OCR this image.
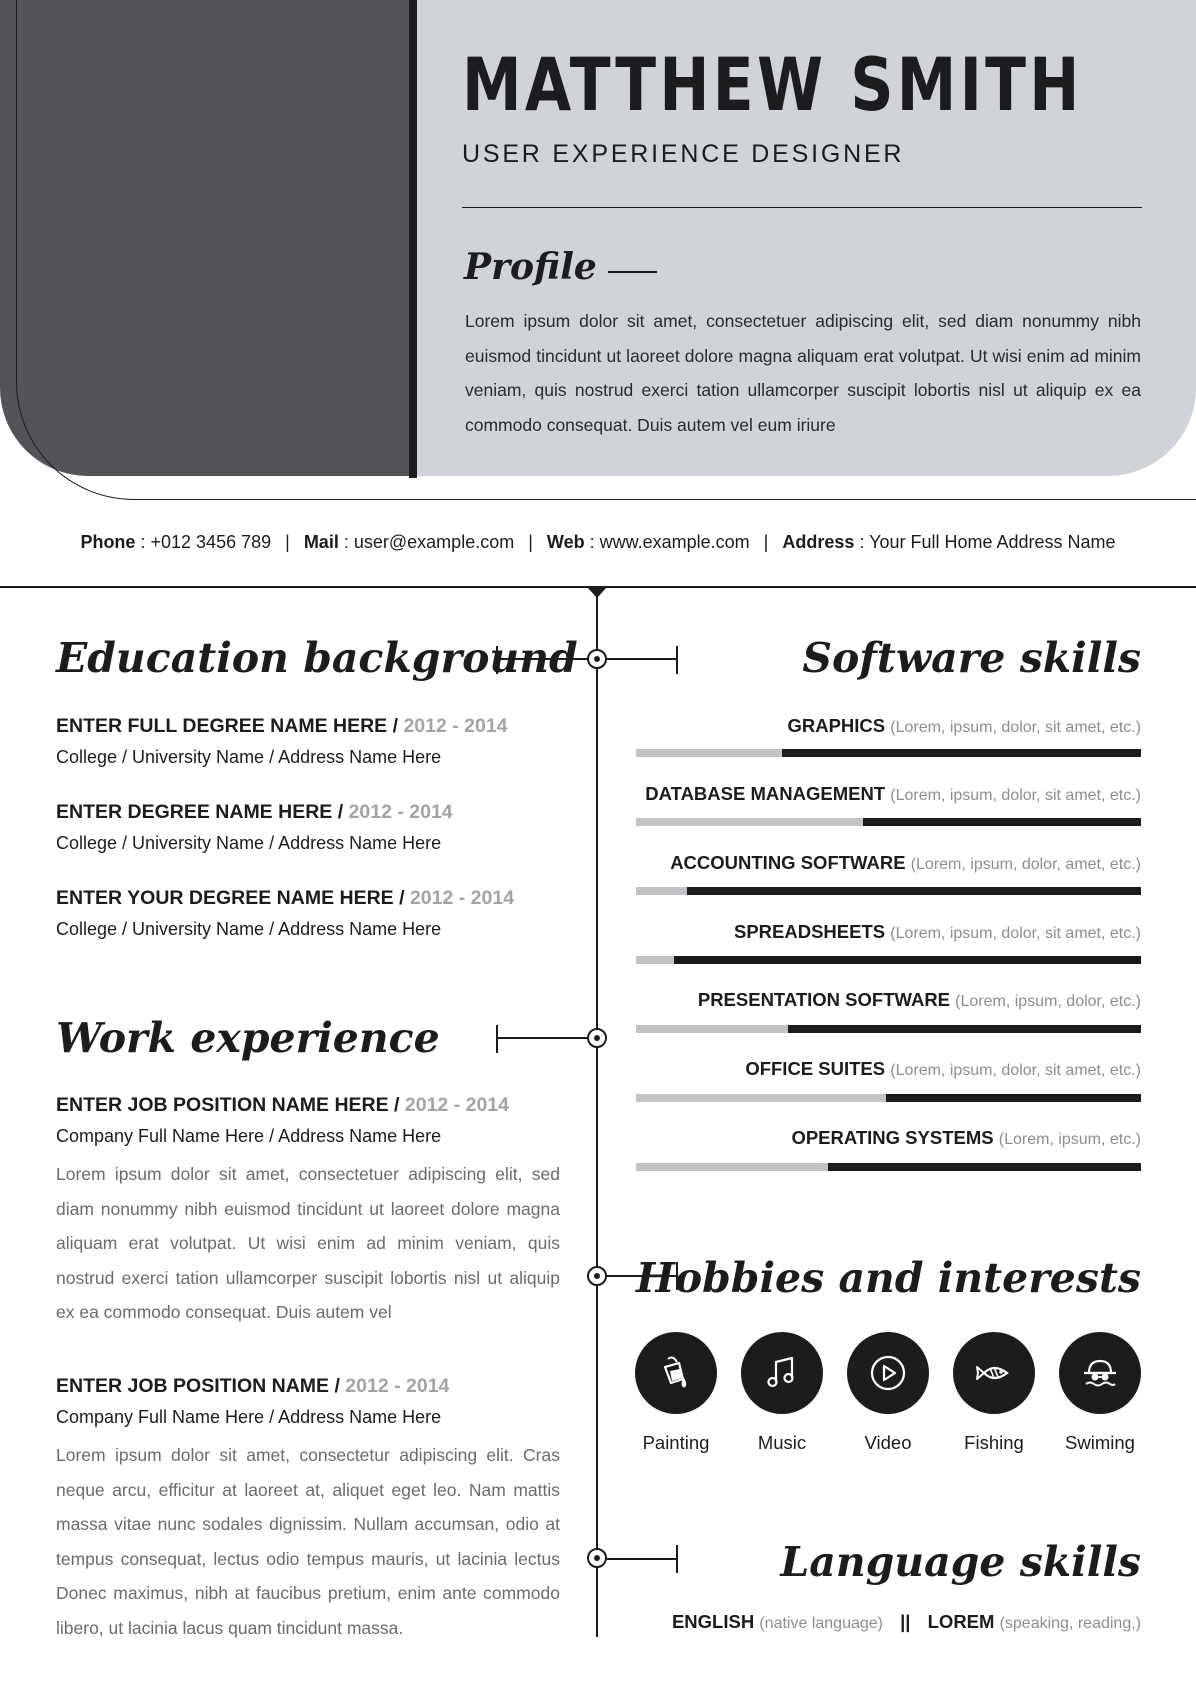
MATTHEW SMITH
USER EXPERIENCE DESIGNER
Profile
Lorem ipsum dolor sit amet, consectetuer adipiscing elit, sed diam nonummy nibh euismod tincidunt ut laoreet dolore magna aliquam erat volutpat. Ut wisi enim ad minim veniam, quis nostrud exerci tation ullamcorper suscipit lobortis nisl ut aliquip ex ea commodo consequat. Duis autem vel eum iriure
Phone : +012 3456 789 | Mail : user@example.com | Web : www.example.com | Address : Your Full Home Address Name
Education background
ENTER FULL DEGREE NAME HERE / 2012 - 2014
College / University Name / Address Name Here
ENTER DEGREE NAME HERE / 2012 - 2014
College / University Name / Address Name Here
ENTER YOUR DEGREE NAME HERE / 2012 - 2014
College / University Name / Address Name Here
Work experience
ENTER JOB POSITION NAME HERE / 2012 - 2014
Company Full Name Here / Address Name Here
Lorem ipsum dolor sit amet, consectetuer adipiscing elit, sed diam nonummy nibh euismod tincidunt ut laoreet dolore magna aliquam erat volutpat. Ut wisi enim ad minim veniam, quis nostrud exerci tation ullamcorper suscipit lobortis nisl ut aliquip ex ea commodo consequat. Duis autem vel
ENTER JOB POSITION NAME / 2012 - 2014
Company Full Name Here / Address Name Here
Lorem ipsum dolor sit amet, consectetur adipiscing elit. Cras neque arcu, efficitur at laoreet at, aliquet eget leo. Nam mattis massa vitae nunc sodales dignissim. Nullam accumsan, odio at tempus consequat, lectus odio tempus mauris, ut lacinia lectus Donec maximus, nibh at faucibus pretium, enim ante commodo libero, ut lacinia lacus quam tincidunt massa.
Software skills
GRAPHICS (Lorem, ipsum, dolor, sit amet, etc.)
DATABASE MANAGEMENT (Lorem, ipsum, dolor, sit amet, etc.)
ACCOUNTING SOFTWARE (Lorem, ipsum, dolor, amet, etc.)
SPREADSHEETS (Lorem, ipsum, dolor, sit amet, etc.)
PRESENTATION SOFTWARE (Lorem, ipsum, dolor, etc.)
OFFICE SUITES (Lorem, ipsum, dolor, sit amet, etc.)
OPERATING SYSTEMS (Lorem, ipsum, etc.)
Hobbies and interests
Painting	Music	Video	Fishing	Swiming
Language skills
ENGLISH (native language) || LOREM (speaking, reading,)
